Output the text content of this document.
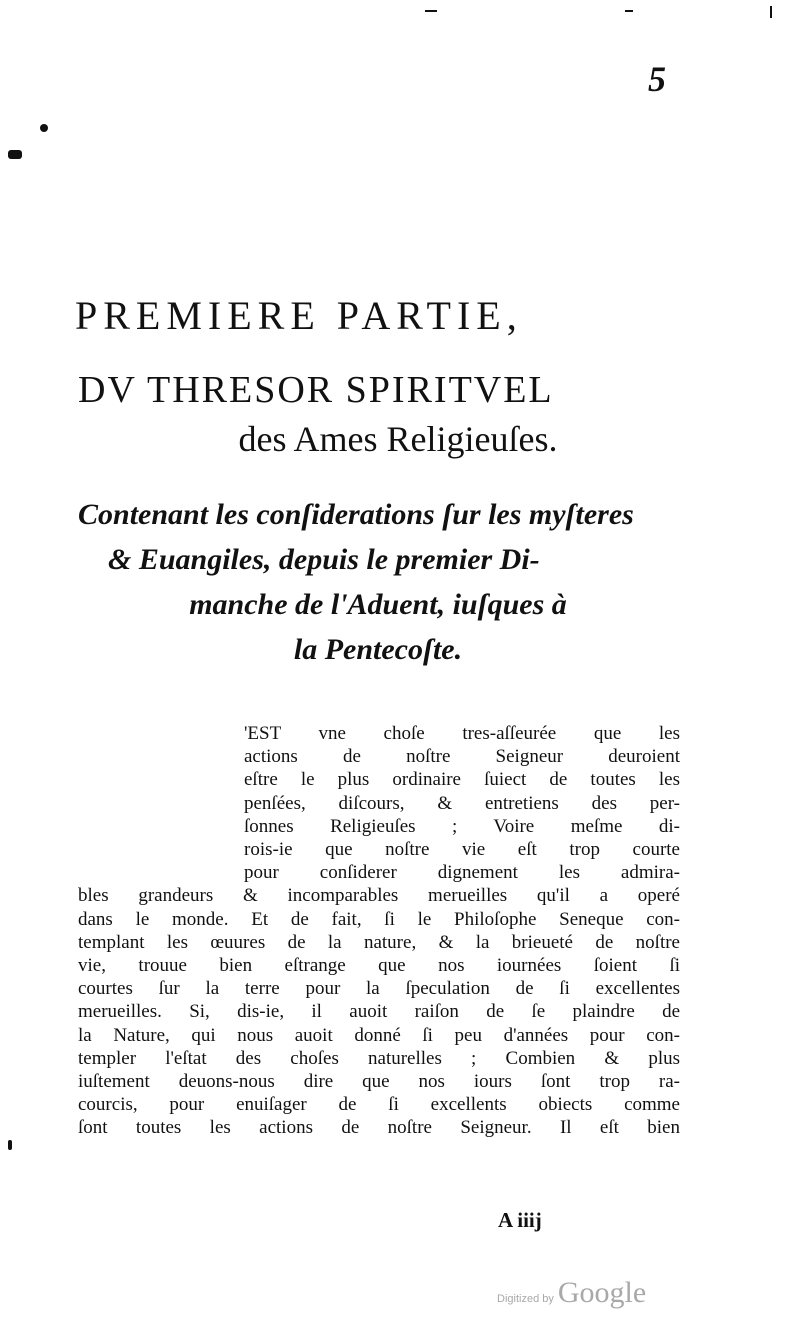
5
PREMIERE PARTIE,
DV THRESOR SPIRITVEL
des Ames Religieuſes.
Contenant les conſiderations ſur les myſteres
& Euangiles, depuis le premier Di-
manche de l'Aduent, iuſques à
la Pentecoſte.
'EST vne choſe tres-aſſeurée que les
actions de noſtre Seigneur deuroient
eſtre le plus ordinaire ſuiect de toutes les
penſées, diſcours, & entretiens des per-
ſonnes Religieuſes ; Voire meſme di-
rois-ie que noſtre vie eſt trop courte
pour conſiderer dignement les admira-
bles grandeurs & incomparables merueilles qu'il a operé
dans le monde. Et de fait, ſi le Philoſophe Seneque con-
templant les œuures de la nature, & la brieueté de noſtre
vie, trouue bien eſtrange que nos iournées ſoient ſi
courtes ſur la terre pour la ſpeculation de ſi excellentes
merueilles. Si, dis-ie, il auoit raiſon de ſe plaindre de
la Nature, qui nous auoit donné ſi peu d'années pour con-
templer l'eſtat des choſes naturelles ; Combien & plus
iuſtement deuons-nous dire que nos iours ſont trop ra-
courcis, pour enuiſager de ſi excellents obiects comme
ſont toutes les actions de noſtre Seigneur. Il eſt bien
A iiij
Digitized by Google
